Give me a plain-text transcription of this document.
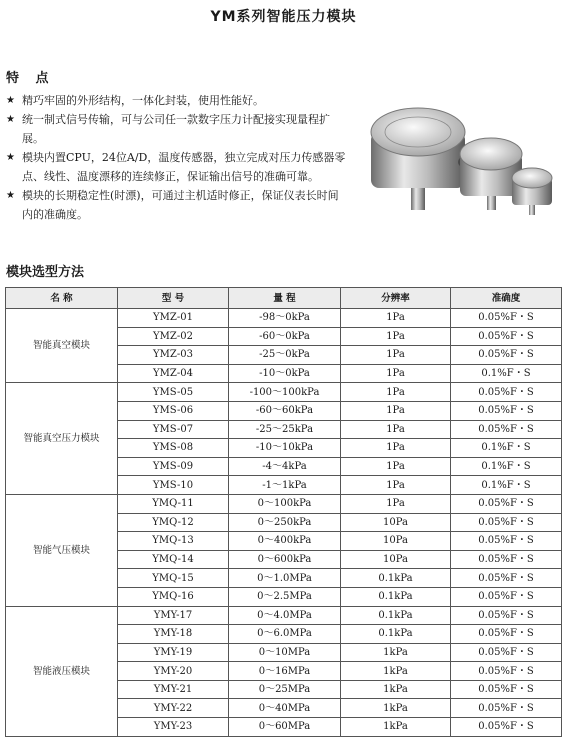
YM系列智能压力模块
特 点
★ 精巧牢固的外形结构，一体化封装，使用性能好。
★ 统一制式信号传输，可与公司任一款数字压力计配接实现量程扩展。
★ 模块内置CPU，24位A/D，温度传感器，独立完成对压力传感器零点、线性、温度漂移的连续修正，保证输出信号的准确可靠。
★ 模块的长期稳定性(时漂)，可通过主机适时修正，保证仪表长时间内的准确度。
模块选型方法
名 称	型 号	量 程	分辨率	准确度
智能真空模块	YMZ-01	-98～0kPa	1Pa	0.05%F・S
	YMZ-02	-60～0kPa	1Pa	0.05%F・S
	YMZ-03	-25～0kPa	1Pa	0.05%F・S
	YMZ-04	-10～0kPa	1Pa	0.1%F・S
智能真空压力模块	YMS-05	-100～100kPa	1Pa	0.05%F・S
	YMS-06	-60～60kPa	1Pa	0.05%F・S
	YMS-07	-25～25kPa	1Pa	0.05%F・S
	YMS-08	-10～10kPa	1Pa	0.1%F・S
	YMS-09	-4～4kPa	1Pa	0.1%F・S
	YMS-10	-1～1kPa	1Pa	0.1%F・S
智能气压模块	YMQ-11	0～100kPa	1Pa	0.05%F・S
	YMQ-12	0～250kPa	10Pa	0.05%F・S
	YMQ-13	0～400kPa	10Pa	0.05%F・S
	YMQ-14	0～600kPa	10Pa	0.05%F・S
	YMQ-15	0～1.0MPa	0.1kPa	0.05%F・S
	YMQ-16	0～2.5MPa	0.1kPa	0.05%F・S
智能液压模块	YMY-17	0～4.0MPa	0.1kPa	0.05%F・S
	YMY-18	0～6.0MPa	0.1kPa	0.05%F・S
	YMY-19	0～10MPa	1kPa	0.05%F・S
	YMY-20	0～16MPa	1kPa	0.05%F・S
	YMY-21	0～25MPa	1kPa	0.05%F・S
	YMY-22	0～40MPa	1kPa	0.05%F・S
	YMY-23	0～60MPa	1kPa	0.05%F・S
